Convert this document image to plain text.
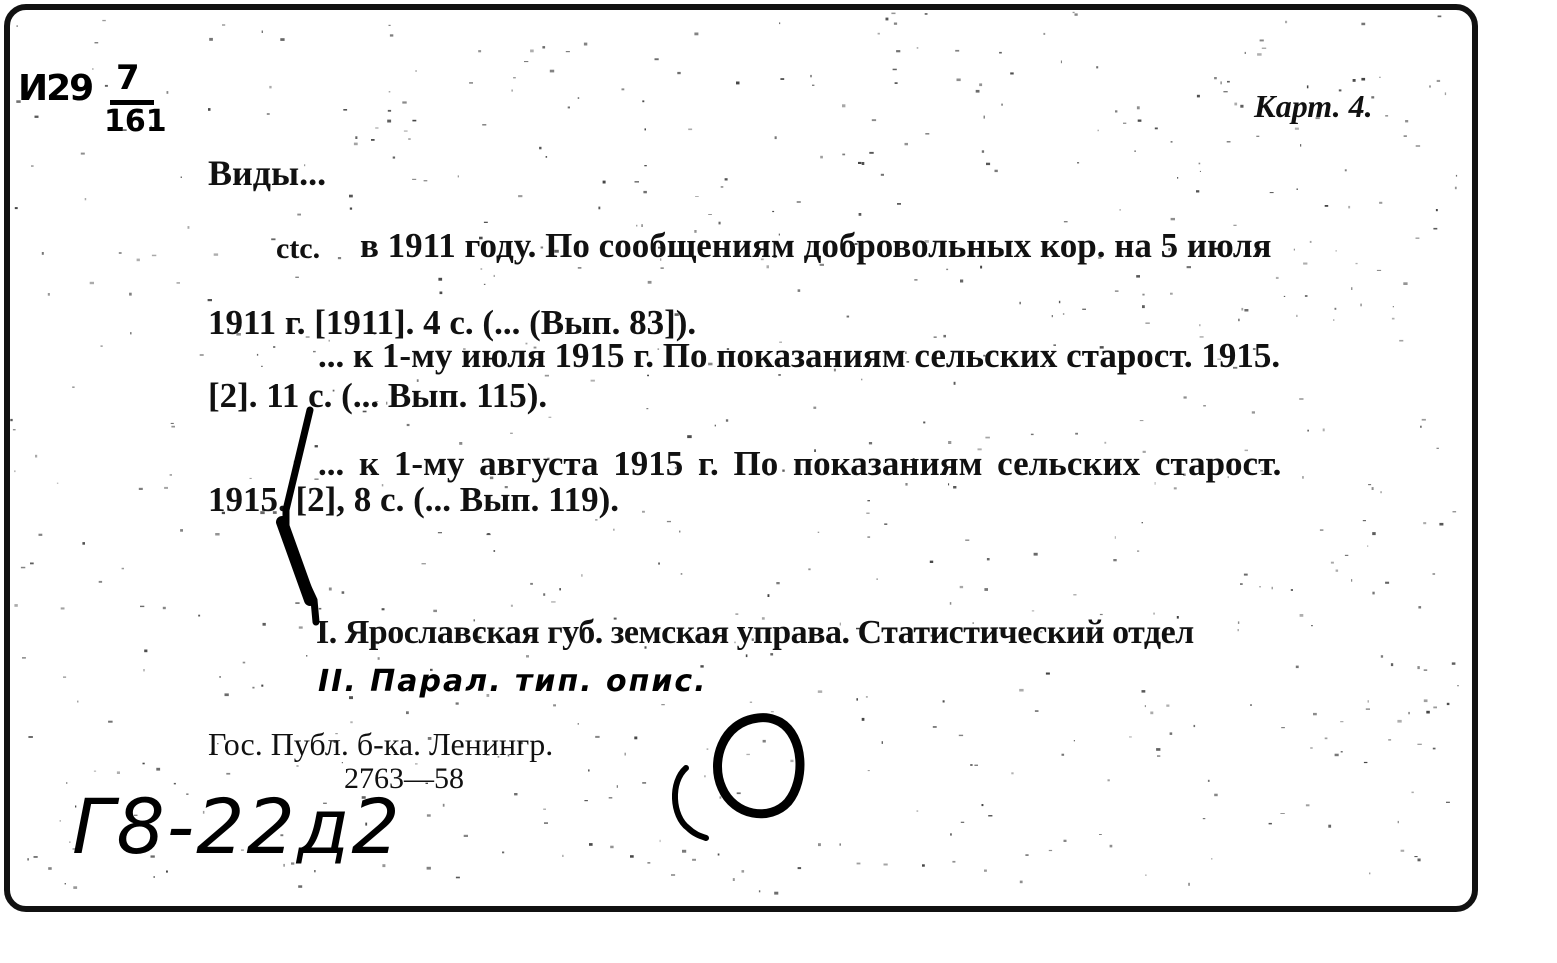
И29 7
161	Карт. 4.
Виды...
ctc. в 1911 году. По сообщениям добровольных кор. на 5 июля
1911 г. [1911]. 4 с. (... (Вып. 83]).
... к 1-му июля 1915 г. По показаниям сельских старост. 1915.
[2]. 11 с. (... Вып. 115).
... к 1-му августа 1915 г. По показаниям сельских старост.
1915. [2], 8 с. (... Вып. 119).
I. Ярославская губ. земская управа. Статистический отдел
II. Парал. тип. опис.
Гос. Публ. б-ка. Ленингр.
2763—58
Г8-22д2
